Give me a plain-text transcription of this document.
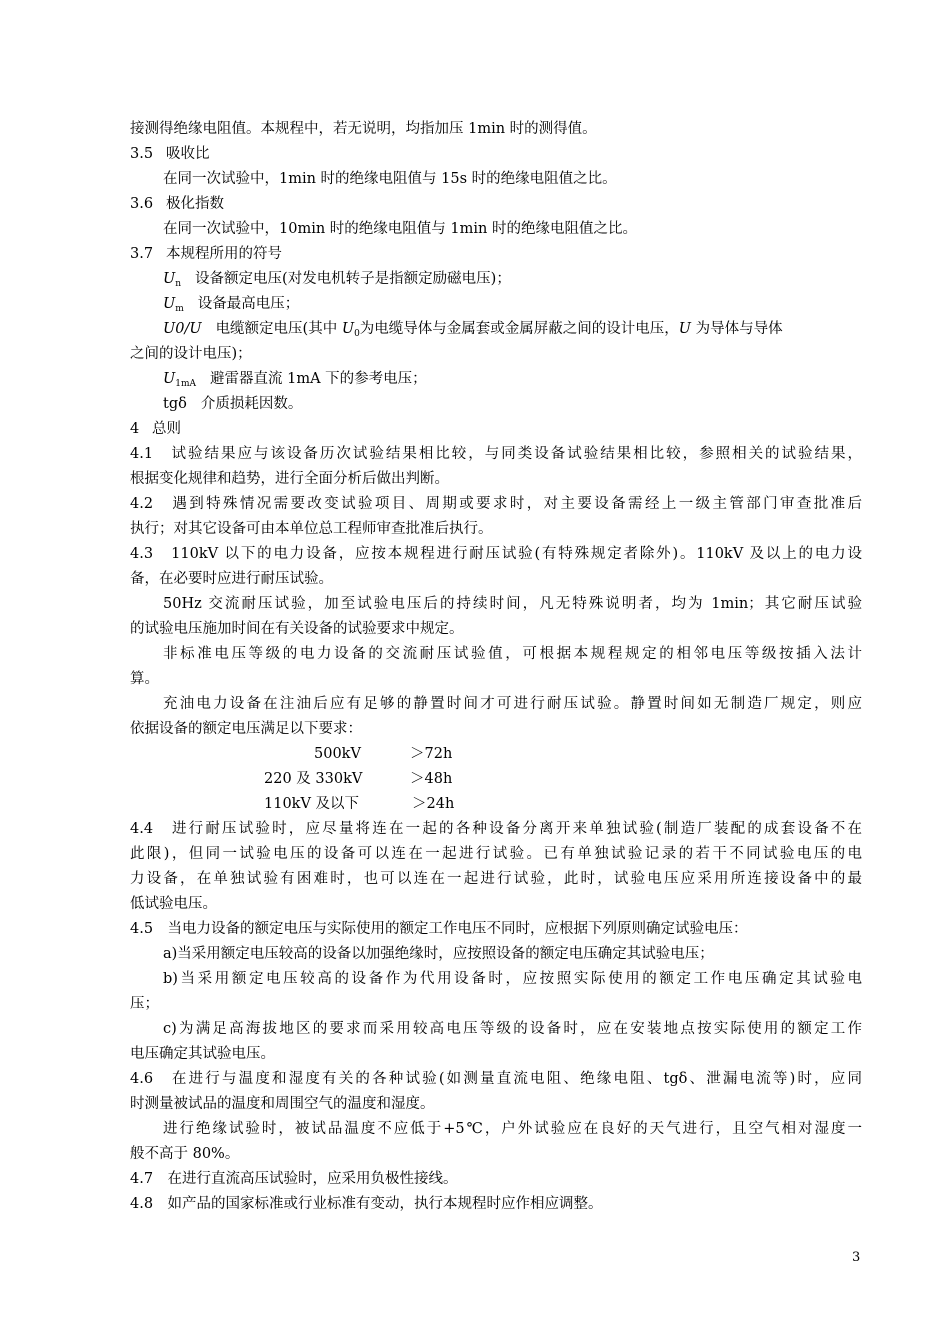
接测得绝缘电阻值。本规程中，若无说明，均指加压 1min 时的测得值。
3.5 吸收比
在同一次试验中，1min 时的绝缘电阻值与 15s 时的绝缘电阻值之比。
3.6 极化指数
在同一次试验中，10min 时的绝缘电阻值与 1min 时的绝缘电阻值之比。
3.7 本规程所用的符号
$U_n$ 设备额定电压(对发电机转子是指额定励磁电压)；
$U_m$ 设备最高电压；
U0/U 电缆额定电压(其中 $U_0$为电缆导体与金属套或金属屏蔽之间的设计电压，U 为导体与导体
之间的设计电压)；
$U_{1mA}$ 避雷器直流 1mA 下的参考电压；
tgδ 介质损耗因数。
4 总则
4.1　试验结果应与该设备历次试验结果相比较，与同类设备试验结果相比较，参照相关的试验结果，
根据变化规律和趋势，进行全面分析后做出判断。
4.2　遇到特殊情况需要改变试验项目、周期或要求时，对主要设备需经上一级主管部门审查批准后
执行；对其它设备可由本单位总工程师审查批准后执行。
4.3　110kV 以下的电力设备，应按本规程进行耐压试验(有特殊规定者除外)。110kV 及以上的电力设
备，在必要时应进行耐压试验。
50Hz 交流耐压试验，加至试验电压后的持续时间，凡无特殊说明者，均为 1min；其它耐压试验
的试验电压施加时间在有关设备的试验要求中规定。
非标准电压等级的电力设备的交流耐压试验值，可根据本规程规定的相邻电压等级按插入法计
算。
充油电力设备在注油后应有足够的静置时间才可进行耐压试验。静置时间如无制造厂规定，则应
依据设备的额定电压满足以下要求：
500kV	＞72h
220 及 330kV	＞48h
110kV 及以下	＞24h
4.4　进行耐压试验时，应尽量将连在一起的各种设备分离开来单独试验(制造厂装配的成套设备不在
此限)，但同一试验电压的设备可以连在一起进行试验。已有单独试验记录的若干不同试验电压的电
力设备，在单独试验有困难时，也可以连在一起进行试验，此时，试验电压应采用所连接设备中的最
低试验电压。
4.5　当电力设备的额定电压与实际使用的额定工作电压不同时，应根据下列原则确定试验电压：
a)当采用额定电压较高的设备以加强绝缘时，应按照设备的额定电压确定其试验电压；
b)当采用额定电压较高的设备作为代用设备时，应按照实际使用的额定工作电压确定其试验电
压；
c)为满足高海拔地区的要求而采用较高电压等级的设备时，应在安装地点按实际使用的额定工作
电压确定其试验电压。
4.6　在进行与温度和湿度有关的各种试验(如测量直流电阻、绝缘电阻、tgδ、泄漏电流等)时，应同
时测量被试品的温度和周围空气的温度和湿度。
进行绝缘试验时，被试品温度不应低于+5℃，户外试验应在良好的天气进行，且空气相对湿度一
般不高于 80%。
4.7　在进行直流高压试验时，应采用负极性接线。
4.8　如产品的国家标准或行业标准有变动，执行本规程时应作相应调整。
3
